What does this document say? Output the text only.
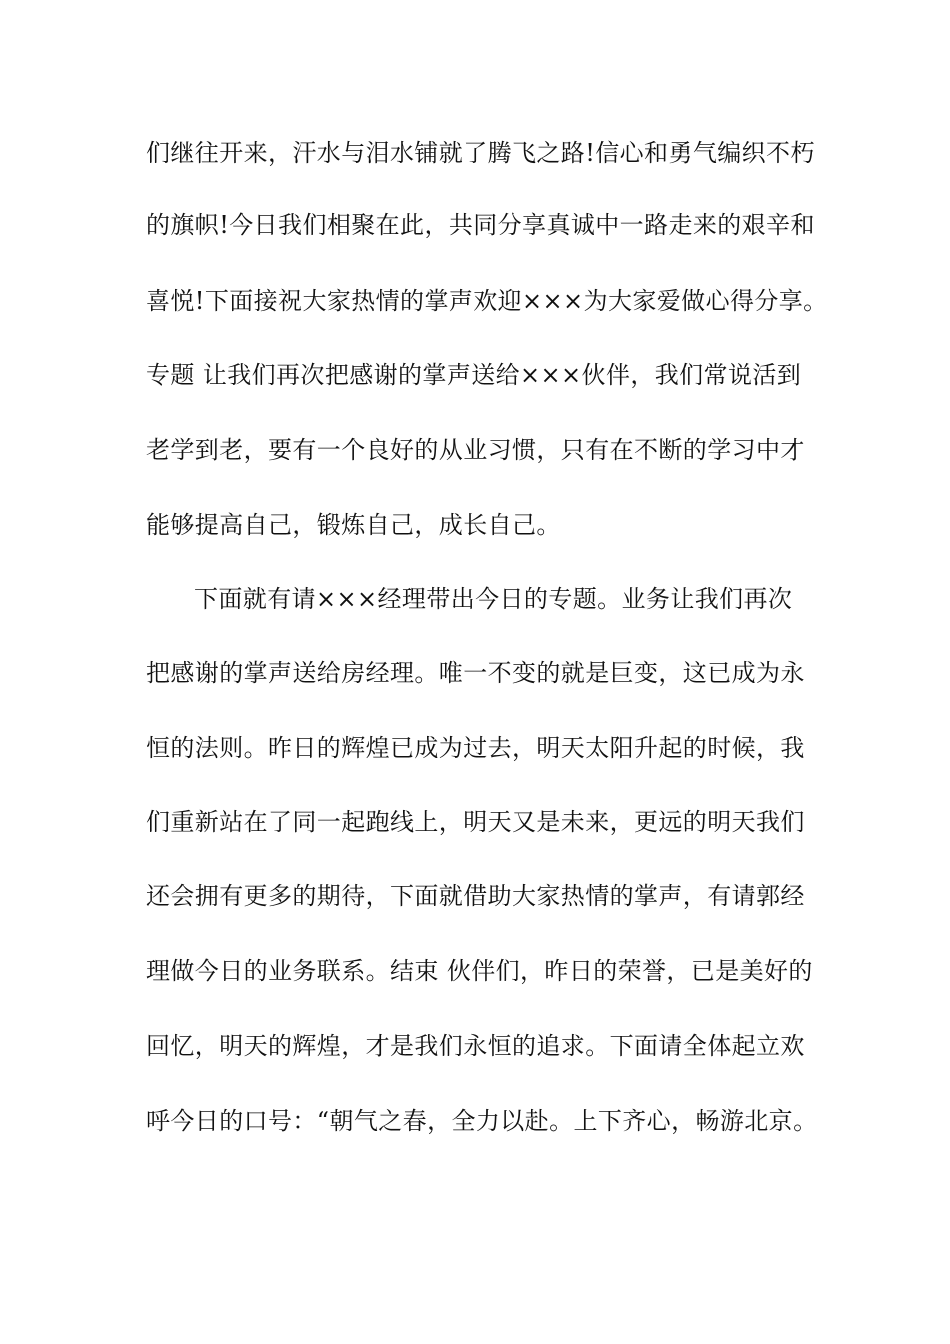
们继往开来，汗水与泪水铺就了腾飞之路!信心和勇气编织不朽
的旗帜!今日我们相聚在此，共同分享真诚中一路走来的艰辛和
喜悦!下面接祝大家热情的掌声欢迎×××为大家爱做心得分享。
专题 让我们再次把感谢的掌声送给×××伙伴，我们常说活到
老学到老，要有一个良好的从业习惯，只有在不断的学习中才
能够提高自己，锻炼自己，成长自己。
下面就有请×××经理带出今日的专题。业务让我们再次
把感谢的掌声送给房经理。唯一不变的就是巨变，这已成为永
恒的法则。昨日的辉煌已成为过去，明天太阳升起的时候，我
们重新站在了同一起跑线上，明天又是未来，更远的明天我们
还会拥有更多的期待，下面就借助大家热情的掌声，有请郭经
理做今日的业务联系。结束 伙伴们，昨日的荣誉，已是美好的
回忆，明天的辉煌，才是我们永恒的追求。下面请全体起立欢
呼今日的口号：“朝气之春，全力以赴。上下齐心，畅游北京。
